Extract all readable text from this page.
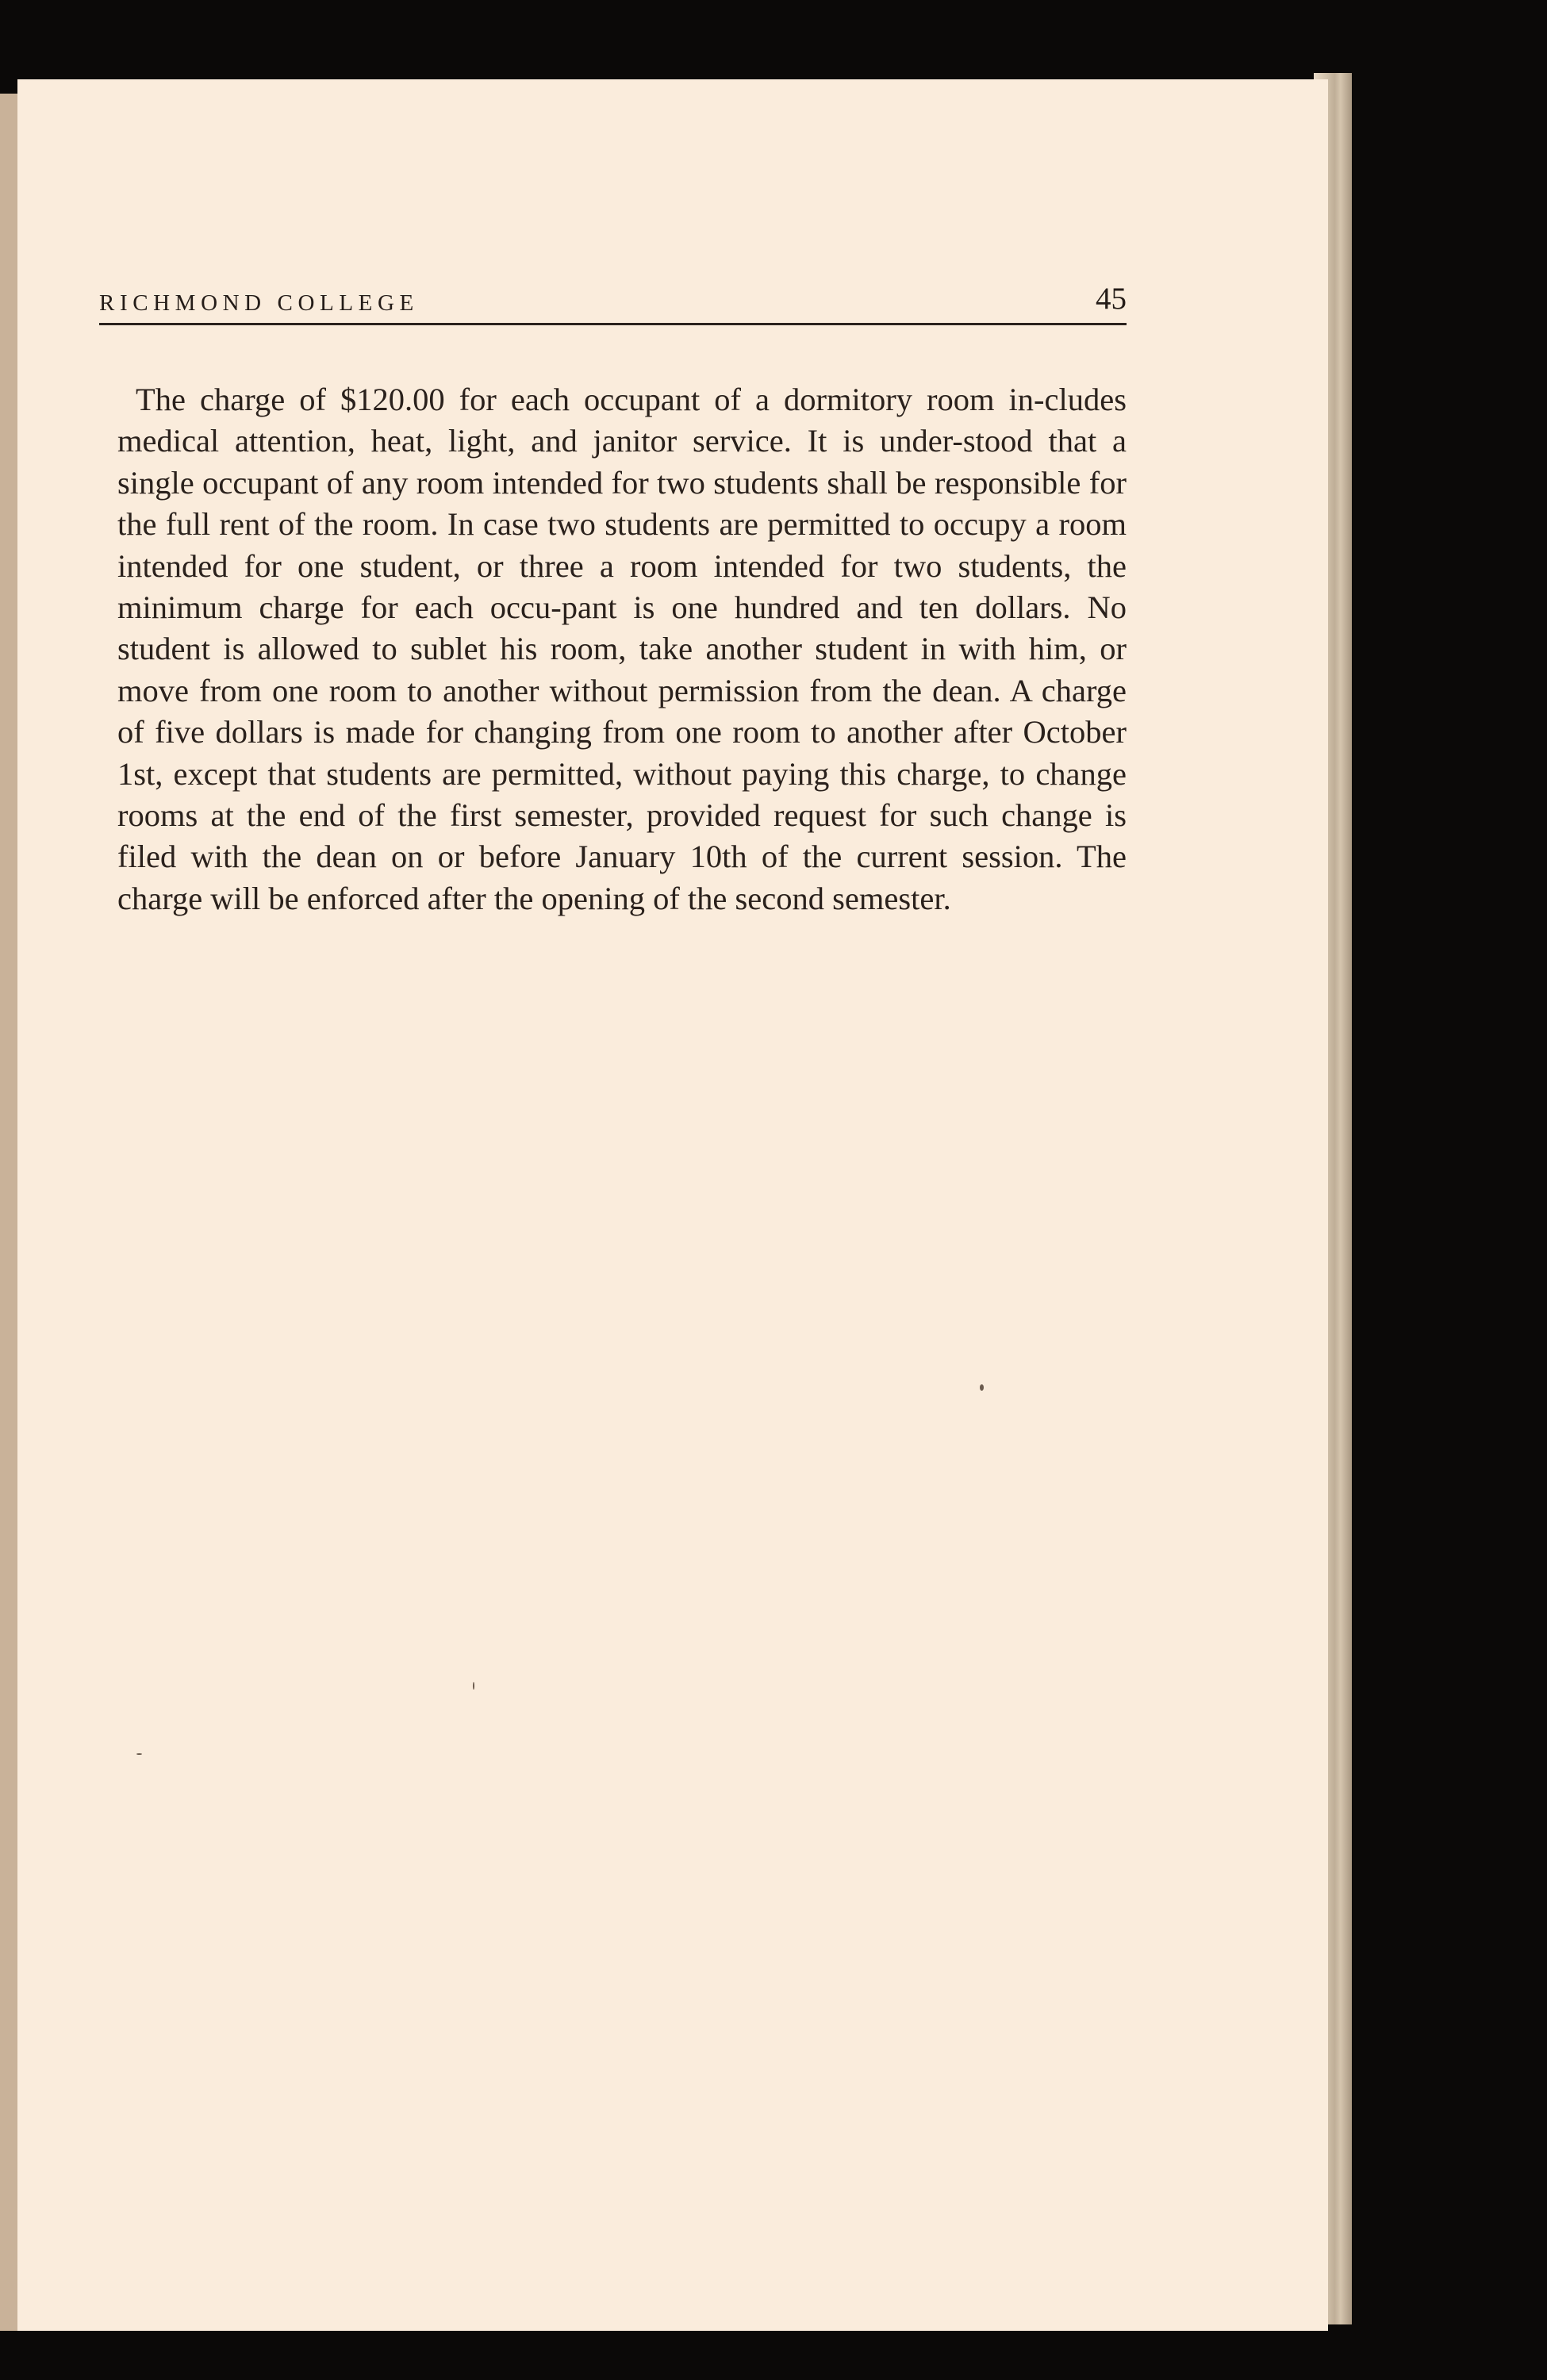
RICHMOND COLLEGE	45

The charge of $120.00 for each occupant of a dormitory room in-cludes medical attention, heat, light, and janitor service. It is under-stood that a single occupant of any room intended for two students shall be responsible for the full rent of the room. In case two students are permitted to occupy a room intended for one student, or three a room intended for two students, the minimum charge for each occu-pant is one hundred and ten dollars. No student is allowed to sublet his room, take another student in with him, or move from one room to another without permission from the dean. A charge of five dollars is made for changing from one room to another after October 1st, except that students are permitted, without paying this charge, to change rooms at the end of the first semester, provided request for such change is filed with the dean on or before January 10th of the current session. The charge will be enforced after the opening of the second semester.
